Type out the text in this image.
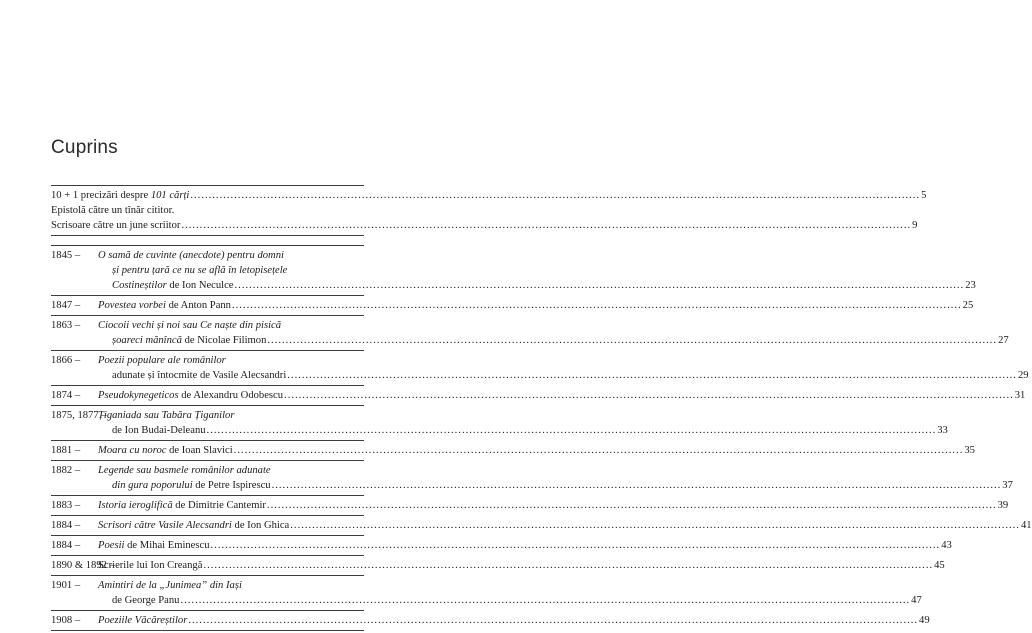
Cuprins
10 + 1 precizări despre 101 cărți ........................................................................................................................................................................................................ 5
Epistolă către un tînăr cititor.
Scrisoare către un june scriitor ........................................................................................................................................................................................................ 9
1845 –	O samă de cuvinte (anecdote) pentru domni
și pentru țară ce nu se află în letopisețele
Costineștilor de Ion Neculce ........................................................................................................................................................................................................ 23
1847 –	Povestea vorbei de Anton Pann ........................................................................................................................................................................................................ 25
1863 –	Ciocoii vechi și noi sau Ce naște din pisică
șoareci mănîncă de Nicolae Filimon ........................................................................................................................................................................................................ 27
1866 –	Poezii populare ale românilor
adunate și întocmite de Vasile Alecsandri ........................................................................................................................................................................................................ 29
1874 –	Pseudokynegeticos de Alexandru Odobescu ........................................................................................................................................................................................................ 31
1875, 1877 –
Țiganiada sau Tabăra Țiganilor
de Ion Budai-Deleanu ........................................................................................................................................................................................................ 33
1881 –	Moara cu noroc de Ioan Slavici ........................................................................................................................................................................................................ 35
1882 –	Legende sau basmele românilor adunate
din gura poporului de Petre Ispirescu ........................................................................................................................................................................................................ 37
1883 –	Istoria ieroglifică de Dimitrie Cantemir ........................................................................................................................................................................................................ 39
1884 –	Scrisori către Vasile Alecsandri de Ion Ghica ........................................................................................................................................................................................................ 41
1884 –	Poesii de Mihai Eminescu ........................................................................................................................................................................................................ 43
1890 & 1892 –
Scrierile lui Ion Creangă ........................................................................................................................................................................................................ 45
1901 –	Amintiri de la „Junimea” din Iași
de George Panu ........................................................................................................................................................................................................ 47
1908 –	Poeziile Văcăreștilor ........................................................................................................................................................................................................ 49
